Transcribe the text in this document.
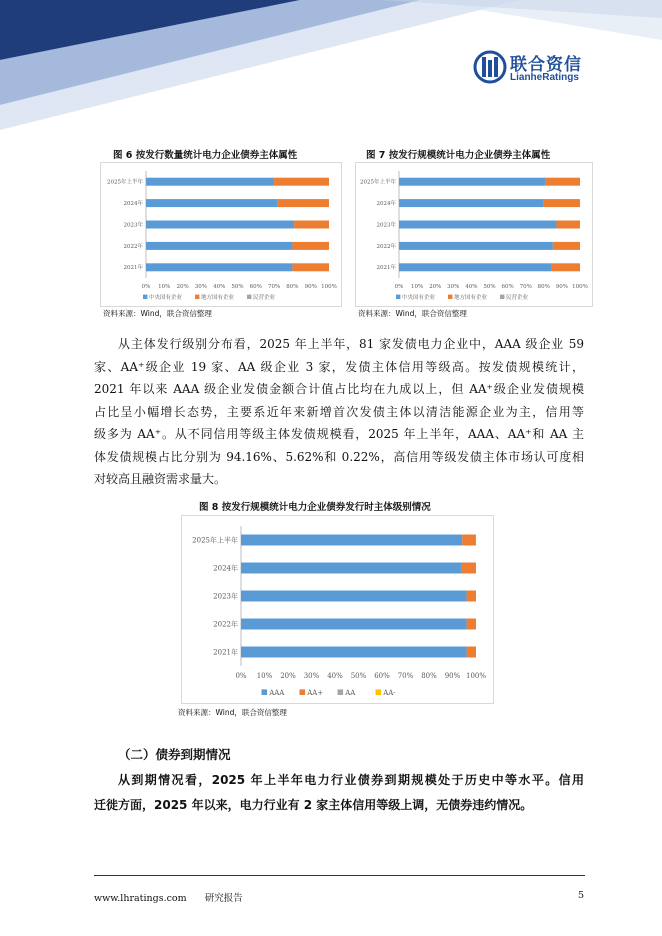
联合资信
LianheRatings
图 6 按发行数量统计电力企业债券主体属性
0% 10% 20% 30% 40% 50% 60% 70% 80% 90% 100%
2025年上半年
2024年
2023年
2022年
2021年
中央国有企业	地方国有企业	民营企业
资料来源：Wind，联合资信整理
图 7 按发行规模统计电力企业债券主体属性
0% 10% 20% 30% 40% 50% 60% 70% 80% 90% 100%
2025年上半年
2024年
2023年
2022年
2021年
中央国有企业	地方国有企业	民营企业
资料来源：Wind，联合资信整理
从主体发行级别分布看，2025 年上半年，81 家发债电力企业中，AAA 级企业 59
家、AA⁺级企业 19 家、AA 级企业 3 家，发债主体信用等级高。按发债规模统计，
2021 年以来 AAA 级企业发债金额合计值占比均在九成以上，但 AA⁺级企业发债规模
占比呈小幅增长态势，主要系近年来新增首次发债主体以清洁能源企业为主，信用等
级多为 AA⁺。从不同信用等级主体发债规模看，2025 年上半年，AAA、AA⁺和 AA 主
体发债规模占比分别为 94.16%、5.62%和 0.22%，高信用等级发债主体市场认可度相
对较高且融资需求量大。
图 8 按发行规模统计电力企业债券发行时主体级别情况
0% 10% 20% 30% 40% 50% 60% 70% 80% 90% 100%
2025年上半年
2024年
2023年
2022年
2021年
AAA	AA+	AA	AA-
资料来源：Wind，联合资信整理
（二）债券到期情况
从到期情况看，2025 年上半年电力行业债券到期规模处于历史中等水平。信用
迁徙方面，2025 年以来，电力行业有 2 家主体信用等级上调，无债券违约情况。
www.lhratings.com 研究报告	5
